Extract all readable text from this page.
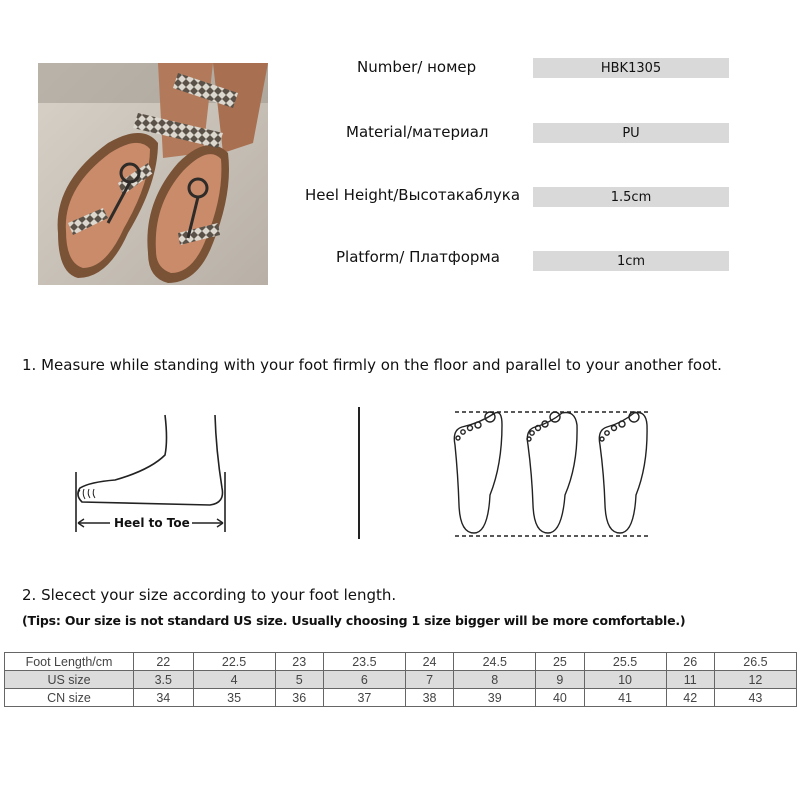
Number/ номер	HBK1305
Material/материал	PU
Heel Height/Высотакаблука	1.5cm
Platform/ Платформа	1cm
1. Measure while standing with your foot firmly on the floor and parallel to your another foot.
Heel to Toe
2. Slecect your size according to your foot length.
(Tips: Our size is not standard US size. Usually choosing 1 size bigger will be more comfortable.)
Foot Length/cm	22	22.5	23	23.5	24	24.5	25	25.5	26	26.5
US size	3.5	4	5	6	7	8	9	10	11	12
CN size	34	35	36	37	38	39	40	41	42	43
